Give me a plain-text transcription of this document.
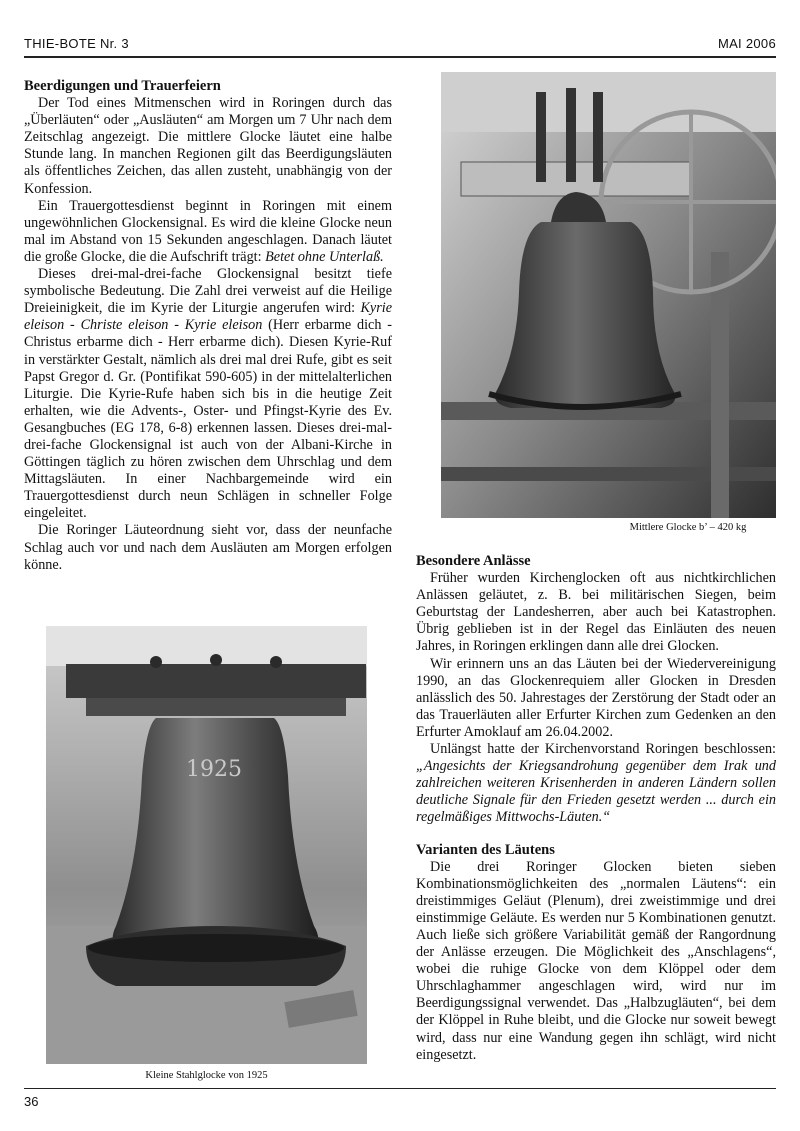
THIE-BOTE Nr. 3	MAI 2006
Beerdigungen und Trauerfeiern

Der Tod eines Mitmenschen wird in Roringen durch das „Überläuten“ oder „Ausläuten“ am Morgen um 7 Uhr nach dem Zeitschlag angezeigt. Die mittlere Glocke läutet eine halbe Stunde lang. In manchen Regionen gilt das Beerdigungsläuten als öffentliches Zeichen, das allen zusteht, unabhängig von der Konfession.

Ein Trauergottesdienst beginnt in Roringen mit einem ungewöhnlichen Glockensignal. Es wird die kleine Glocke neun mal im Abstand von 15 Sekunden angeschlagen. Danach läutet die große Glocke, die die Aufschrift trägt: Betet ohne Unterlaß.

Dieses drei-mal-drei-fache Glockensignal besitzt tiefe symbolische Bedeutung. Die Zahl drei verweist auf die Heilige Dreieinigkeit, die im Kyrie der Liturgie angerufen wird: Kyrie eleison - Christe eleison - Kyrie eleison (Herr erbarme dich - Christus erbarme dich - Herr erbarme dich). Diesen Kyrie-Ruf in verstärkter Gestalt, nämlich als drei mal drei Rufe, gibt es seit Papst Gregor d. Gr. (Pontifikat 590-605) in der mittelalterlichen Liturgie. Die Kyrie-Rufe haben sich bis in die heutige Zeit erhalten, wie die Advents-, Oster- und Pfingst-Kyrie des Ev. Gesangbuches (EG 178, 6-8) erkennen lassen. Dieses drei-mal-drei-fache Glockensignal ist auch von der Albani-Kirche in Göttingen täglich zu hören zwischen dem Uhrschlag und dem Mittagsläuten. In einer Nachbargemeinde wird ein Trauergottesdienst durch neun Schlägen in schneller Folge eingeleitet.

Die Roringer Läuteordnung sieht vor, dass der neunfache Schlag auch vor und nach dem Ausläuten am Morgen erfolgen könne.

Mittlere Glocke b’ – 420 kg
Besondere Anlässe

Früher wurden Kirchenglocken oft aus nichtkirchlichen Anlässen geläutet, z. B. bei militärischen Siegen, beim Geburtstag der Landesherren, aber auch bei Katastrophen. Übrig geblieben ist in der Regel das Einläuten des neuen Jahres, in Roringen erklingen dann alle drei Glocken.

Wir erinnern uns an das Läuten bei der Wiedervereinigung 1990, an das Glockenrequiem aller Glocken in Dresden anlässlich des 50. Jahrestages der Zerstörung der Stadt oder an das Trauerläuten aller Erfurter Kirchen zum Gedenken an den Erfurter Amoklauf am 26.04.2002.

Unlängst hatte der Kirchenvorstand Roringen beschlossen: „Angesichts der Kriegsandrohung gegenüber dem Irak und zahlreichen weiteren Krisenherden in anderen Ländern sollen deutliche Signale für den Frieden gesetzt werden ... durch ein regelmäßiges Mittwochs-Läuten.“

Varianten des Läutens

Die drei Roringer Glocken bieten sieben Kombinationsmöglichkeiten des „normalen Läutens“: ein dreistimmiges Geläut (Plenum), drei zweistimmige und drei einstimmige Geläute. Es werden nur 5 Kombinationen genutzt. Auch ließe sich größere Variabilität gemäß der Rangordnung der Anlässe erzeugen. Die Möglichkeit des „Anschlagens“, wobei die ruhige Glocke von dem Klöppel oder dem Uhrschlaghammer angeschlagen wird, wird nur im Beerdigungssignal verwendet. Das „Halbzugläuten“, bei dem der Klöppel in Ruhe bleibt, und die Glocke nur soweit bewegt wird, dass nur eine Wandung gegen ihn schlägt, wird nicht eingesetzt.

1925
Kleine Stahlglocke von 1925
36
